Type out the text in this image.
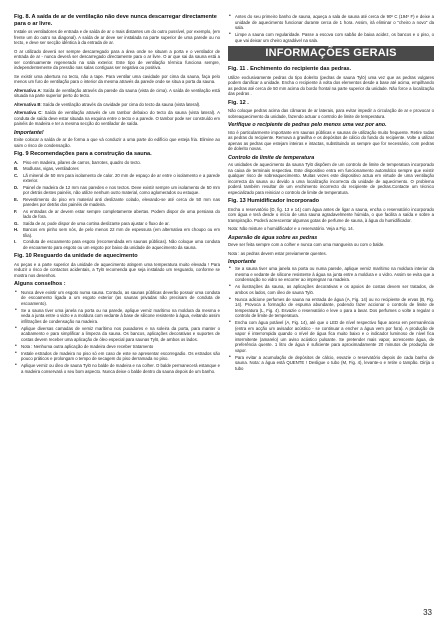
Fig. 8. A saída de ar de ventilação não deve nunca descarregar directamente para o ar livre.

Instale os ventiladores de entrada e de saída de ar o mais distantes um do outro possível, por exemplo, (em frente um do outro na diagonal). A saída de ar deve ser instalada na parte superior de uma parede ou no tecto, e deve ser secção idêntica à da entrada de ar.

O ar utilizado deverá ser sempre descarregado para a área onde se situam a porta e o ventilador de entrada de ar - nunca deverá ser descarregado directamente para o ar livre. O ar que sai da sauna está a ser continuamente regenerado na sala exterior. Este tipo de ventilação térmica funciona sempre, independentemente da pressão nas salas contíguas ser negativa ou positiva.

Se existir uma abertura no tecto, não a tape. Para ventilar uma cavidade por cima da sauna, faça pelo menos um furo de ventilação para o interior da mesma através da parede onde se situa a porta da sauna.

Alternativa A: Saída de ventilação através da parede da sauna (vista de cima). A saída de ventilação está situada na parte superior perto do tecto.

Alternativa B: Saída de ventilação através da cavidade por cima do tecto da sauna (vista lateral).

Alternativa C: Saída de ventilação através de um tambor debaixo do tecto da sauna (vista lateral). A conduta de saída deve estar situada na esquina entre o tecto e a parede. O tambor pode ser construído em painéis de madeira e ter a mesma secção do ventilador de saída.

Importante!

Evite colocar a saída de ar de forma a que vá conduzir a uma parte do edifício que esteja fria. Elimine ao saim o risco de condensação.

Fig. 9 Recomendações para a construção da sauna.
A. Piso em madeira, pilares de carros, barrotes, quadro do tecto.
B. Modluras, vigas, ventiladores
C. Lã mineral de 50 mm para isolamento de calor. 20 mm de espaço de ar entre o isolamento e a parede exterior.
D. Painel de madeira de 12 mm nas paredes e nos tectos. Deve existir sempre um isolamento de 50 mm por detrás destes painéis, não utilize nenhum outro material, como aglomerados ou estuque.
E. Revestimento do piso em material anti deslizante colado, elevando-se até cerca de 50 mm nas paredes por detrás dos painéis de madeira.
F. As entradas de ar devem estar sempre completamente abertas. Podem dispor de uma persiana do lado de fora.
G. Saída de ar, pode dispor de uma cortina deslizante para ajustar o fluxo de ar.
H. Bancos em pinho sem nós, de pelo menos 22 mm de espessura (em alternativa em choupo ou em tília).
I. Conduta de escoamento para esgoto (recomendada em saunas públicas). Não coloque uma conduta de escoamento para esgoto ou um esgoto por baixo da unidade de aquecimento da sauna.
Fig. 10 Resguardo da unidade de aquecimento

As peças e a parte superior da unidade de aquecimento atingem uma temperatura muito elevada ! Para reduzir o risco de contactos acidentais, a Tylö recomenda que seja instalado um resguardo, conforme se mostra nos desenhos.

Alguns conselhos :
• Nunca deve existir um esgoto numa sauna. Contudo, as saunas públicas deverão possuir uma conduta de escoamento ligada a um esgoto exterior (as saunas privadas não precisam de conduta de escoamento).
• Se a sauna tiver uma janela na porta ou na parede, aplique vemiz marítimo na moldura da mesma e veda a junta entre o vidro e a moldura com vedante à base de silicone resistente à água, evitando assim infiltrações de condensação na madeira.
• Aplique diversas camadas de vemiz marítimo nos puxadores e na soleira da porta, para manter o acabamento e para simplificar a limpeza da sauna. Os bancos, aplicações decorativas e suportes de costas devem receber uma aplicação de óleo especial para saunas Tylö, de ambos os lados.
• Nota : Nenhuma outra aplicação de madeira deve receber tratamento
• Instale estrados de madeira no piso só em caso de este se apresentar escorregadio. Os estrados são pouco práticos e prolongam o tempo de secagem do piso derramada no piso.
• Aplique vemiz ou óleo de sauna Tylö no balde de madeira e na colher. O balde permanecerá estanque e a madeira conservará o seu bom aspecto. Nunca deixe o balde dentro da sauna depois de um banho.
• Antes do seu primeiro banho de sauna, aqueça a sala de sauna até cerca de 90º C (194º F) e deixe a unidade de aquecimento funcionar durante cerca de 1 hora. Assim, irá eliminar o "cheiro a novo" da sala.
• Limpe a sauna com regularidade. Passe a escova com sabão de baixa acidez, os bancos e o piso, o que vai deixar um cheiro agradável na sala.
INFORMAÇÕES GERAIS
Fig. 11 . Enchimento do recipiente das pedras.

Utilize exclusivamente pedras do tipo dolerito (pedras de sauna Tylö) uma vez que as pedras vulgares podem danificar a unidade. Encha o recipiente à volta dos elementos desde a base até acima, empilhando as pedras até cerca de 50 mm acima do bordo frontal na parte superior da unidade. Não force a localização das pedras .

Fig. 12 .

Não coloque pedras acima das câmaras de ar laterais, para evitar impedir a circulação de ar e provocar o sobreaquecimento da unidade, fazendo actuar o controlo de limite de temperatura.

Verifique o recipiente de pedras pelo menos uma vez por ano.

Isto é particularmente importante em saunas públicas e saunas de utilização muito frequente. Retire todas as pedras do recipiente. Remova a gravilha e os depósitos de cálcio do fundo do recipiente. Volte a utilizar apenas as pedras que estejam inteiras e intactas, substituindo os sempre que for necessário, com pedras de dolerito novas.

Controlo de limite de temperatura

As unidades de aquecimento da sauna Tylö dispõem de um controlo de limite de temperatura incorporado na caixa de terminais respectiva. Este dispositivo entra em funcionamento automático sempre que existir qualquer risco de sobreaquecimento. Muitas vezes este dispositivo actua em virtude de uma ventilação incorrecta da sauna ou devido a uma localização incorrecta da unidade de aquecimento. O problema poderá também resultar de um enchimento incorrecto do recipiente de pedras.Contacte um técnico especializado para reiniciar o controlo de limite de temperatura.

Fig. 13 Humidificador incorporado

Encha o reservatório (D, fig. 13 e 14) com água antes de ligar a sauna, encha o reservatório incorporado com água e terá desde o início de uma sauna agradavelmente húmida, o que facilita a saída e sobre a transpiração. Poderá acrescentar algumas gotas de perfume de sauna, à água do humidificador.

Nota: Não misture o humidificador e o reservatório. Veja a Fig. 14.

Aspersão de água sobre as pedras

Deve ser feita sempre com a colher e nunca com uma mangueira ou com o balde.

Nota : as pedras devem estar previamente quentes.

Importante
• Se a sauna tiver uma janela na porta ou numa parede, aplique vemiz marítimo na moldura interior da mesma e vedante de silicone resistente à água na junta entre a moldura e o vidro. Assim se evita que a condensação no vidro se escorrer ao impregnar na madeira.
• As ilustrações da sauna, as aplicações decorativas e os apoios de costas devem ser tratados, de ambos os lados, com óleo de sauna Tylö.
• Nunca adicione perfumes de sauna na entrada de água (A, Fig. 14) ou no recipiente de ervas (B, Fig. 14). Provoca a formação de espuma abundante, podendo fazer accionar o controlo de limite de temperatura (L, Fig. 4). Esvazie o reservatório e leve o para a lavar. Dos perfumes o volte a regular o controlo de limite de temperatura.
• Encha com água potável (A, Fig. 14), até que o LED de nível respectivo fique aceso em permanência (entra em acção um avisador acústico - se continuar a encher a água vem por fora). A produção de vapor é interrompida quando o nível de água fica muito baixo e o indicador luminoso de nível fica intermitente (amarelo) um aviso acústico pulsante. Se pretender mais vapor, acrescente água, de preferência quente. 1 litro de água é suficiente para aproximadamente 20 minutos de produção de vapor.
• Para evitar a acumulação de depósitos de cálcio, esvazie o reservatório depois de cada banho de sauna. Nota: a água está QUENTE ! Desligue o tubo (M, Fig. 4), levante-o e retire o tampão. Dirija o tubo
33
